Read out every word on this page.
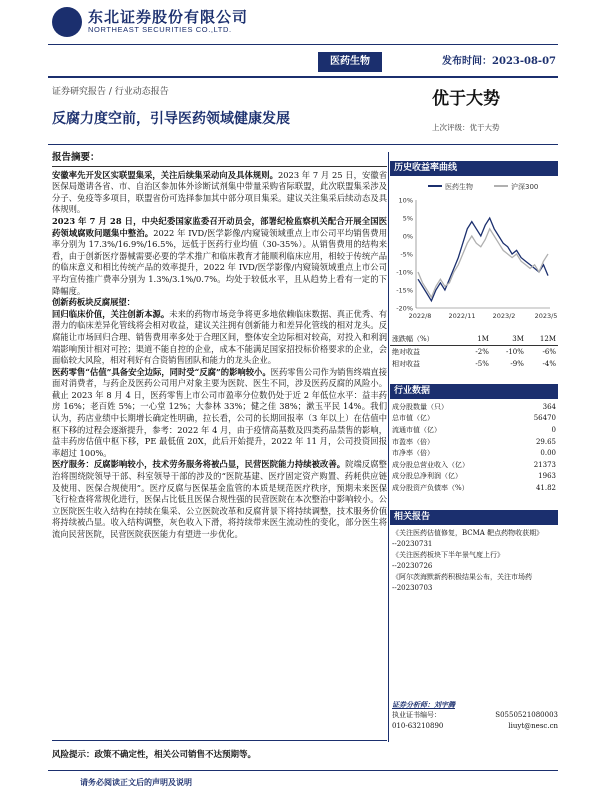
东北证券股份有限公司
NORTHEAST SECURITIES CO.,LTD.
医药生物	发布时间：2023-08-07
证券研究报告 / 行业动态报告	优于大势
反腐力度空前，引导医药领域健康发展
上次评级：优于大势
报告摘要：

安徽率先开发区实联盟集采，关注后续集采动向及具体规则。2023 年 7 月 25 日，安徽省医保局邀请各省、市、自治区参加体外诊断试剂集中带量采购省际联盟，此次联盟集采涉及分子、免疫等多项目，联盟省份可选择参加其中部分项目集采。建议关注集采后续动态及具体规则。

2023 年 7 月 28 日，中央纪委国家监委召开动员会，部署纪检监察机关配合开展全国医药领域腐败问题集中整治。2022 年 IVD/医学影像/内窥镜领域重点上市公司平均销售费用率分别为 17.3%/16.9%/16.5%，远低于医药行业均值（30-35%）。从销售费用的结构来看，由于创新医疗器械需要必要的学术推广和临床教育才能顺利临床应用，相较于传统产品的临床意义和相比传统产品的效率提升，2022 年 IVD/医学影像/内窥镜领域重点上市公司平均宣传推广费率分别为 1.3%/3.1%/0.7%。均处于较低水平，且从趋势上看有一定的下降幅度。

创新药板块反腐展望：

回归临床价值，关注创新本源。未来的药物市场竞争将更多地依赖临床数据、真正优秀、有潜力的临床差异化管线将会相对收益，建议关注拥有创新能力和差异化管线的相对龙头。反腐能让市场回归合理、销售费用率多处于合理区间，整体安全边际相对较高，对投入和利润端影响预计相对可控；渠道不能自控的企业，成本不能满足国家招投标价格要求的企业，会面临较大风险，相对利好有合资销售团队和能力的龙头企业。

医药零售“估值”具备安全边际，同时受“反腐”的影响较小。医药零售公司作为销售终端直接面对消费者，与药企及医药公司用户对象主要为医院、医生不同，涉及医药反腐的风险小。截止 2023 年 8 月 4 日，医药零售上市公司市盈率分位数仍处于近 2 年低位水平：益丰药房 16%；老百姓 5%；一心堂 12%；大参林 33%；健之佳 38%；漱玉平民 14%。我们认为，药店业绩中长期增长确定性明确，拉长看，公司的长期回报率（3 年以上）在估值中枢下移的过程会逐渐提升，参考：2022 年 4 月，由于疫情高基数及四类药品禁售的影响，益丰药房估值中枢下移，PE 最低值 20X，此后开始提升，2022 年 11 月，公司投资回报率超过 100%。

医疗服务：反腐影响较小，技术劳务服务将被凸显，民营医院能力持续被改善。院端反腐整治将围绕院领导干部、科室领导干部的涉及的“医院基建、医疗固定资产购置、药耗供应链及使用、医保合规使用”。医疗反腐与医保基金监管的本质是规范医疗秩序，预期未来医保飞行检查将常规化进行，医保占比低且医保合规性强的民营医院在本次整治中影响较小。公立医院医生收入结构在持续在集采、公立医院改革和反腐背景下将持续调整，技术服务价值将持续被凸显。收入结构调整，灰色收入下滑，将持续带来医生流动性的变化，部分医生将流向民营医院，民营医院获医能力有望进一步优化。

风险提示：政策不确定性，相关公司销售不达预期等。
历史收益率曲线
医药生物	沪深300
10%
5%
0%
-5%
-10%
-15%
-20%
2022/8	2022/11	2023/2	2023/5
涨跌幅（%）	1M	3M	12M
绝对收益	-2%	-10%	-6%
相对收益	-5%	-9%	-4%
行业数据
成分股数量（只）	364
总市值（亿）	56470
流通市值（亿）	0
市盈率（倍）	29.65
市净率（倍）	0.00
成分股总营业收入（亿）	21373
成分股总净利润（亿）	1963
成分股资产负债率（%）	41.82
相关报告
《关注医药估值修复，BCMA 靶点药物收获期》
--20230731
《关注医药板块下半年景气度上行》
--20230726
《阿尔茨海默新药积极结果公布，关注市场药
--20230703
证券分析师：刘宇腾
执业证书编号：	S0550521080003
010-63210890	liuyt@nesc.cn
请务必阅读正文后的声明及说明
